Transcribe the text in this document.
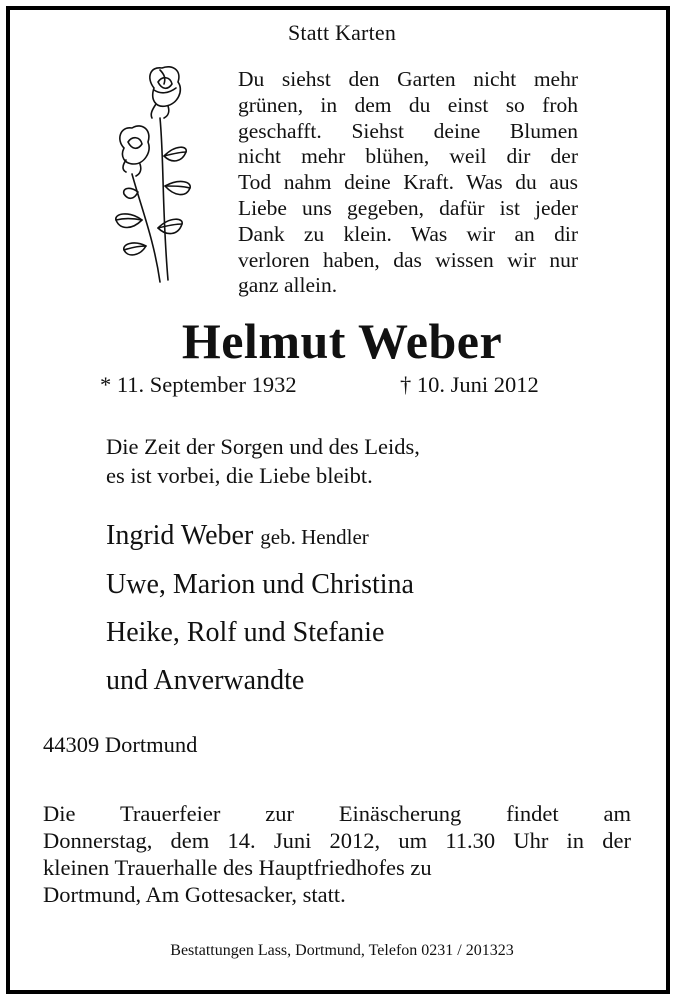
Statt Karten
Du siehst den Garten nicht mehr
grünen, in dem du einst so froh
geschafft. Siehst deine Blumen
nicht mehr blühen, weil dir der
Tod nahm deine Kraft. Was du aus
Liebe uns gegeben, dafür ist jeder
Dank zu klein. Was wir an dir
verloren haben, das wissen wir nur
ganz allein.
Helmut Weber
* 11. September 1932	† 10. Juni 2012
Die Zeit der Sorgen und des Leids,
es ist vorbei, die Liebe bleibt.
Ingrid Weber geb. Hendler
Uwe, Marion und Christina
Heike, Rolf und Stefanie
und Anverwandte
44309 Dortmund
Die Trauerfeier zur Einäscherung findet am
Donnerstag, dem 14. Juni 2012, um 11.30 Uhr in der
kleinen Trauerhalle des Hauptfriedhofes zu
Dortmund, Am Gottesacker, statt.
Bestattungen Lass, Dortmund, Telefon 0231 / 201323
